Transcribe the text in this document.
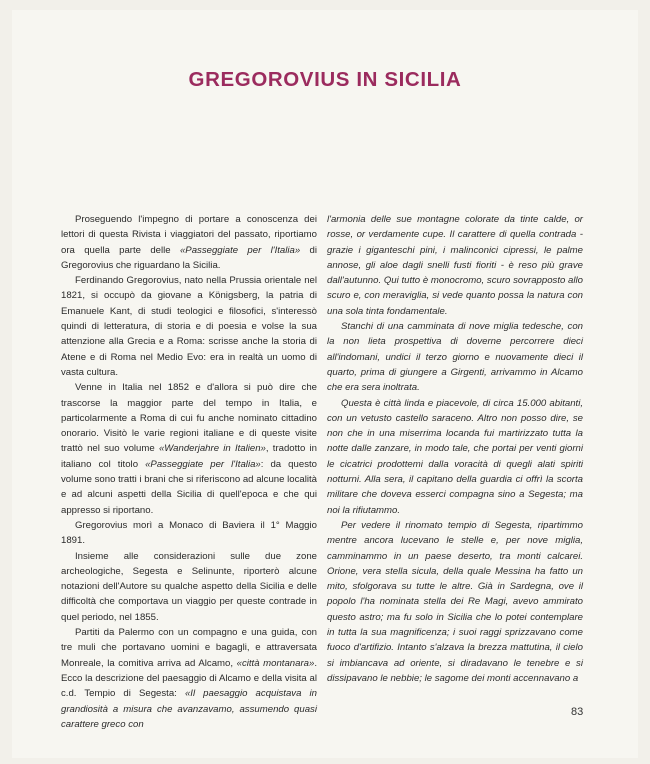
GREGOROVIUS IN SICILIA

Proseguendo l'impegno di portare a conoscenza dei lettori di questa Rivista i viaggiatori del passato, riportiamo ora quella parte delle «Passeggiate per l'Italia» di Gregorovius che riguardano la Sicilia.

Ferdinando Gregorovius, nato nella Prussia orientale nel 1821, si occupò da giovane a Königsberg, la patria di Emanuele Kant, di studi teologici e filosofici, s'interessò quindi di letteratura, di storia e di poesia e volse la sua attenzione alla Grecia e a Roma: scrisse anche la storia di Atene e di Roma nel Medio Evo: era in realtà un uomo di vasta cultura.

Venne in Italia nel 1852 e d'allora si può dire che trascorse la maggior parte del tempo in Italia, e particolarmente a Roma di cui fu anche nominato cittadino onorario. Visitò le varie regioni italiane e di queste visite trattò nel suo volume «Wanderjahre in Italien», tradotto in italiano col titolo «Passeggiate per l'Italia»: da questo volume sono tratti i brani che si riferiscono ad alcune località e ad alcuni aspetti della Sicilia di quell'epoca e che qui appresso si riportano.

Gregorovius morì a Monaco di Baviera il 1° Maggio 1891.

Insieme alle considerazioni sulle due zone archeologiche, Segesta e Selinunte, riporterò alcune notazioni dell'Autore su qualche aspetto della Sicilia e delle difficoltà che comportava un viaggio per queste contrade in quel periodo, nel 1855.

Partiti da Palermo con un compagno e una guida, con tre muli che portavano uomini e bagagli, e attraversata Monreale, la comitiva arriva ad Alcamo, «città montanara». Ecco la descrizione del paesaggio di Alcamo e della visita al c.d. Tempio di Segesta: «Il paesaggio acquistava in grandiosità a misura che avanzavamo, assumendo quasi carattere greco con

l'armonia delle sue montagne colorate da tinte calde, or rosse, or verdamente cupe. Il carattere di quella contrada - grazie i giganteschi pini, i malinconici cipressi, le palme annose, gli aloe dagli snelli fusti fioriti - è reso più grave dall'autunno. Qui tutto è monocromo, scuro sovrapposto allo scuro e, con meraviglia, si vede quanto possa la natura con una sola tinta fondamentale.

Stanchi di una camminata di nove miglia tedesche, con la non lieta prospettiva di doverne percorrere dieci all'indomani, undici il terzo giorno e nuovamente dieci il quarto, prima di giungere a Girgenti, arrivammo in Alcamo che era sera inoltrata.

Questa è città linda e piacevole, di circa 15.000 abitanti, con un vetusto castello saraceno. Altro non posso dire, se non che in una miserrima locanda fui martirizzato tutta la notte dalle zanzare, in modo tale, che portai per venti giorni le cicatrici prodottemi dalla voracità di quegli alati spiriti notturni. Alla sera, il capitano della guardia ci offrì la scorta militare che doveva esserci compagna sino a Segesta; ma noi la rifiutammo.

Per vedere il rinomato tempio di Segesta, ripartimmo mentre ancora lucevano le stelle e, per nove miglia, camminammo in un paese deserto, tra monti calcarei. Orione, vera stella sicula, della quale Messina ha fatto un mito, sfolgorava su tutte le altre. Già in Sardegna, ove il popolo l'ha nominata stella dei Re Magi, avevo ammirato questo astro; ma fu solo in Sicilia che lo potei contemplare in tutta la sua magnificenza; i suoi raggi sprizzavano come fuoco d'artifizio. Intanto s'alzava la brezza mattutina, il cielo si imbiancava ad oriente, si diradavano le tenebre e si dissipavano le nebbie; le sagome dei monti accennavano a

83
